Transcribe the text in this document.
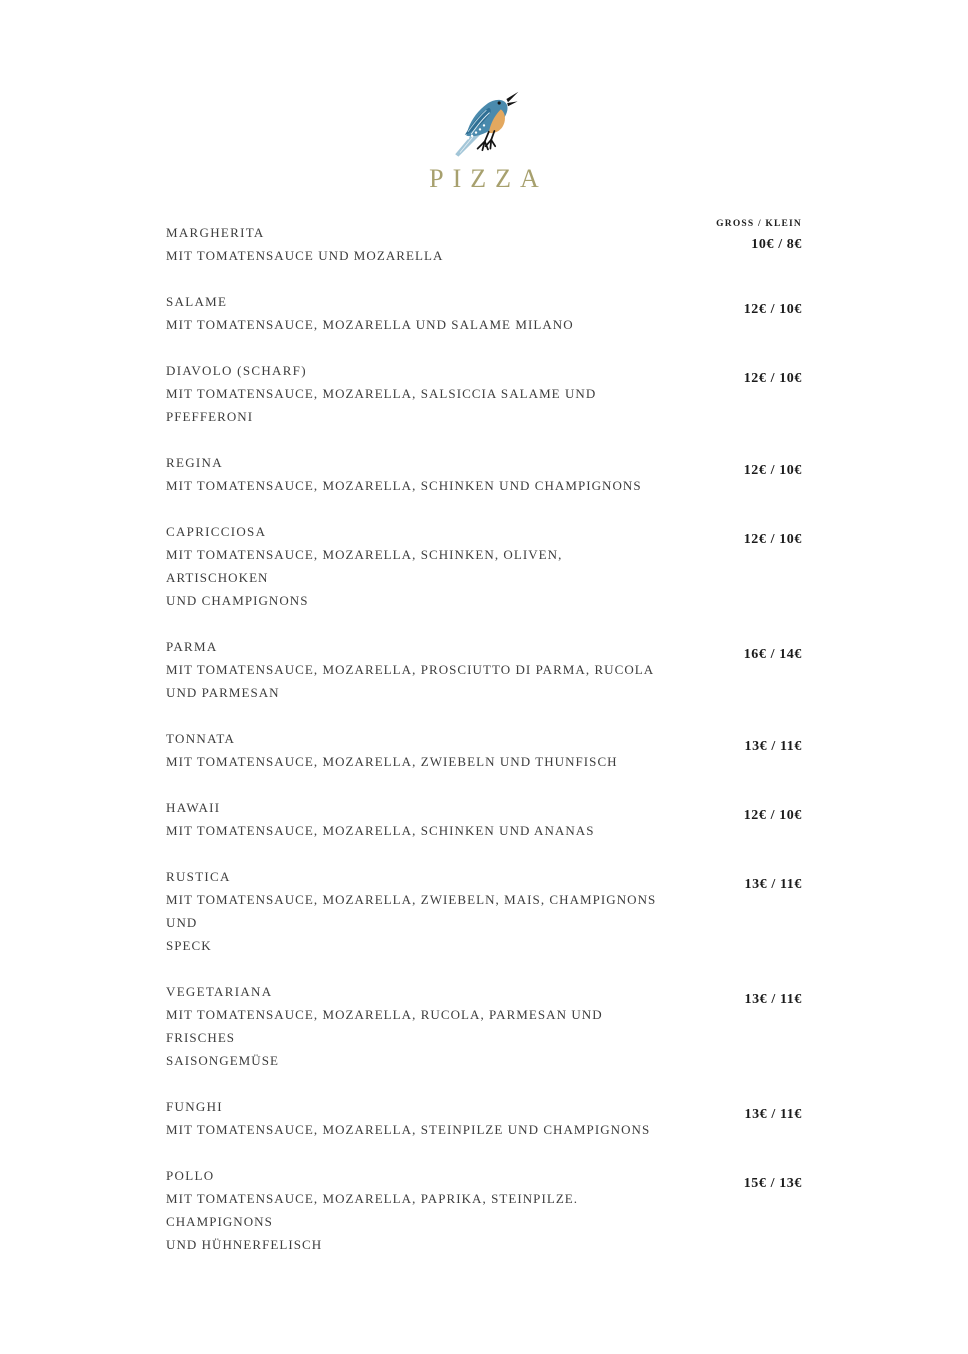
PIZZA
MARGHERITA
MIT TOMATENSAUCE UND MOZARELLA
GROSS / KLEIN
10€ / 8€
SALAME
MIT TOMATENSAUCE, MOZARELLA UND SALAME MILANO
12€ / 10€
DIAVOLO (SCHARF)
MIT TOMATENSAUCE, MOZARELLA, SALSICCIA SALAME UND PFEFFERONI
12€ / 10€
REGINA
MIT TOMATENSAUCE, MOZARELLA, SCHINKEN UND CHAMPIGNONS
12€ / 10€
CAPRICCIOSA
MIT TOMATENSAUCE, MOZARELLA, SCHINKEN, OLIVEN, ARTISCHOKEN
UND CHAMPIGNONS
12€ / 10€
PARMA
MIT TOMATENSAUCE, MOZARELLA, PROSCIUTTO DI PARMA, RUCOLA
UND PARMESAN
16€ / 14€
TONNATA
MIT TOMATENSAUCE, MOZARELLA, ZWIEBELN UND THUNFISCH
13€ / 11€
HAWAII
MIT TOMATENSAUCE, MOZARELLA, SCHINKEN UND ANANAS
12€ / 10€
RUSTICA
MIT TOMATENSAUCE, MOZARELLA, ZWIEBELN, MAIS, CHAMPIGNONS UND
SPECK
13€ / 11€
VEGETARIANA
MIT TOMATENSAUCE, MOZARELLA, RUCOLA, PARMESAN UND FRISCHES
SAISONGEMÜSE
13€ / 11€
FUNGHI
MIT TOMATENSAUCE, MOZARELLA, STEINPILZE UND CHAMPIGNONS
13€ / 11€
POLLO
MIT TOMATENSAUCE, MOZARELLA, PAPRIKA, STEINPILZE. CHAMPIGNONS
UND HÜHNERFELISCH
15€ / 13€
